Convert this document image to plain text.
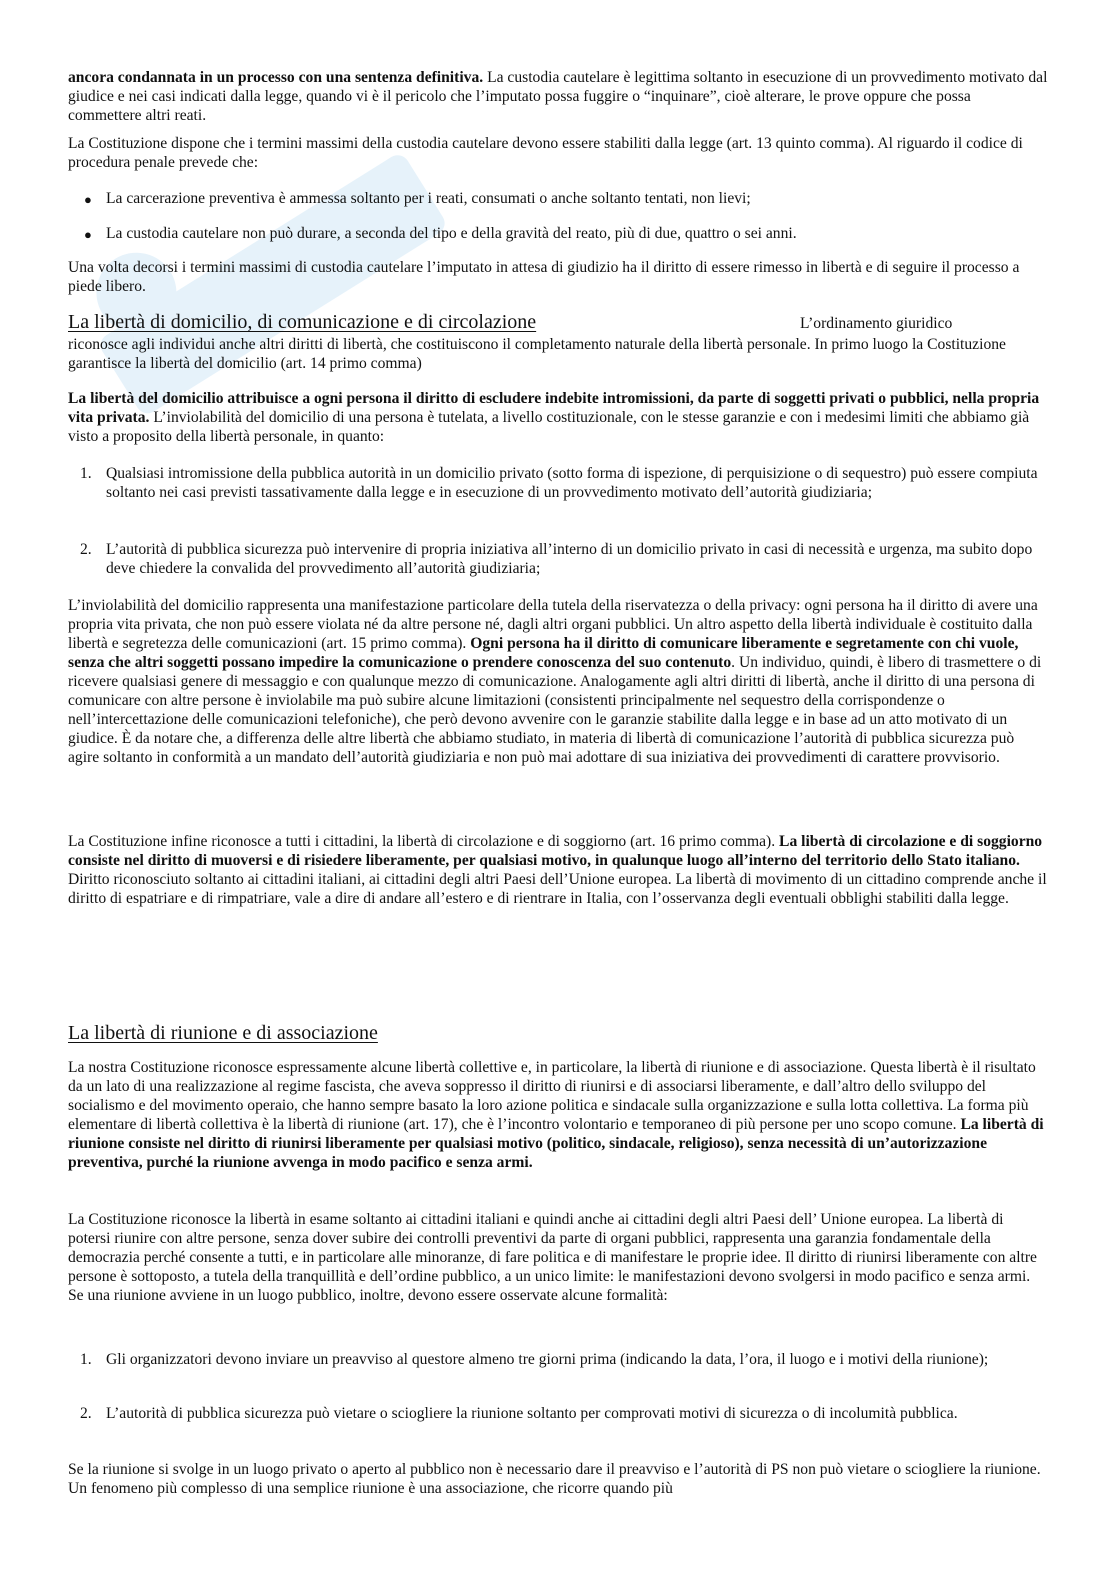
ancora condannata in un processo con una sentenza definitiva. La custodia cautelare è legittima soltanto in esecuzione di un provvedimento motivato dal giudice e nei casi indicati dalla legge, quando vi è il pericolo che l’imputato possa fuggire o “inquinare”, cioè alterare, le prove oppure che possa commettere altri reati.

La Costituzione dispone che i termini massimi della custodia cautelare devono essere stabiliti dalla legge (art. 13 quinto comma). Al riguardo il codice di procedura penale prevede che:

● La carcerazione preventiva è ammessa soltanto per i reati, consumati o anche soltanto tentati, non lievi;

● La custodia cautelare non può durare, a seconda del tipo e della gravità del reato, più di due, quattro o sei anni.

Una volta decorsi i termini massimi di custodia cautelare l’imputato in attesa di giudizio ha il diritto di essere rimesso in libertà e di seguire il processo a piede libero.

La libertà di domicilio, di comunicazione e di circolazione	L’ordinamento giuridico

riconosce agli individui anche altri diritti di libertà, che costituiscono il completamento naturale della libertà personale. In primo luogo la Costituzione garantisce la libertà del domicilio (art. 14 primo comma)

La libertà del domicilio attribuisce a ogni persona il diritto di escludere indebite intromissioni, da parte di soggetti privati o pubblici, nella propria vita privata. L’inviolabilità del domicilio di una persona è tutelata, a livello costituzionale, con le stesse garanzie e con i medesimi limiti che abbiamo già visto a proposito della libertà personale, in quanto:

1. Qualsiasi intromissione della pubblica autorità in un domicilio privato (sotto forma di ispezione, di perquisizione o di sequestro) può essere compiuta soltanto nei casi previsti tassativamente dalla legge e in esecuzione di un provvedimento motivato dell’autorità giudiziaria;

2. L’autorità di pubblica sicurezza può intervenire di propria iniziativa all’interno di un domicilio privato in casi di necessità e urgenza, ma subito dopo deve chiedere la convalida del provvedimento all’autorità giudiziaria;

L’inviolabilità del domicilio rappresenta una manifestazione particolare della tutela della riservatezza o della privacy: ogni persona ha il diritto di avere una propria vita privata, che non può essere violata né da altre persone né, dagli altri organi pubblici. Un altro aspetto della libertà individuale è costituito dalla libertà e segretezza delle comunicazioni (art. 15 primo comma). Ogni persona ha il diritto di comunicare liberamente e segretamente con chi vuole, senza che altri soggetti possano impedire la comunicazione o prendere conoscenza del suo contenuto. Un individuo, quindi, è libero di trasmettere o di ricevere qualsiasi genere di messaggio e con qualunque mezzo di comunicazione. Analogamente agli altri diritti di libertà, anche il diritto di una persona di comunicare con altre persone è inviolabile ma può subire alcune limitazioni (consistenti principalmente nel sequestro della corrispondenze o nell’intercettazione delle comunicazioni telefoniche), che però devono avvenire con le garanzie stabilite dalla legge e in base ad un atto motivato di un giudice. È da notare che, a differenza delle altre libertà che abbiamo studiato, in materia di libertà di comunicazione l’autorità di pubblica sicurezza può agire soltanto in conformità a un mandato dell’autorità giudiziaria e non può mai adottare di sua iniziativa dei provvedimenti di carattere provvisorio.

La Costituzione infine riconosce a tutti i cittadini, la libertà di circolazione e di soggiorno (art. 16 primo comma). La libertà di circolazione e di soggiorno consiste nel diritto di muoversi e di risiedere liberamente, per qualsiasi motivo, in qualunque luogo all’interno del territorio dello Stato italiano. Diritto riconosciuto soltanto ai cittadini italiani, ai cittadini degli altri Paesi dell’Unione europea. La libertà di movimento di un cittadino comprende anche il diritto di espatriare e di rimpatriare, vale a dire di andare all’estero e di rientrare in Italia, con l’osservanza degli eventuali obblighi stabiliti dalla legge.

La libertà di riunione e di associazione

La nostra Costituzione riconosce espressamente alcune libertà collettive e, in particolare, la libertà di riunione e di associazione. Questa libertà è il risultato da un lato di una realizzazione al regime fascista, che aveva soppresso il diritto di riunirsi e di associarsi liberamente, e dall’altro dello sviluppo del socialismo e del movimento operaio, che hanno sempre basato la loro azione politica e sindacale sulla organizzazione e sulla lotta collettiva. La forma più elementare di libertà collettiva è la libertà di riunione (art. 17), che è l’incontro volontario e temporaneo di più persone per uno scopo comune. La libertà di riunione consiste nel diritto di riunirsi liberamente per qualsiasi motivo (politico, sindacale, religioso), senza necessità di un’autorizzazione preventiva, purché la riunione avvenga in modo pacifico e senza armi.

La Costituzione riconosce la libertà in esame soltanto ai cittadini italiani e quindi anche ai cittadini degli altri Paesi dell’ Unione europea. La libertà di potersi riunire con altre persone, senza dover subire dei controlli preventivi da parte di organi pubblici, rappresenta una garanzia fondamentale della democrazia perché consente a tutti, e in particolare alle minoranze, di fare politica e di manifestare le proprie idee. Il diritto di riunirsi liberamente con altre persone è sottoposto, a tutela della tranquillità e dell’ordine pubblico, a un unico limite: le manifestazioni devono svolgersi in modo pacifico e senza armi. Se una riunione avviene in un luogo pubblico, inoltre, devono essere osservate alcune formalità:

1. Gli organizzatori devono inviare un preavviso al questore almeno tre giorni prima (indicando la data, l’ora, il luogo e i motivi della riunione);

2. L’autorità di pubblica sicurezza può vietare o sciogliere la riunione soltanto per comprovati motivi di sicurezza o di incolumità pubblica.

Se la riunione si svolge in un luogo privato o aperto al pubblico non è necessario dare il preavviso e l’autorità di PS non può vietare o sciogliere la riunione. Un fenomeno più complesso di una semplice riunione è una associazione, che ricorre quando più
